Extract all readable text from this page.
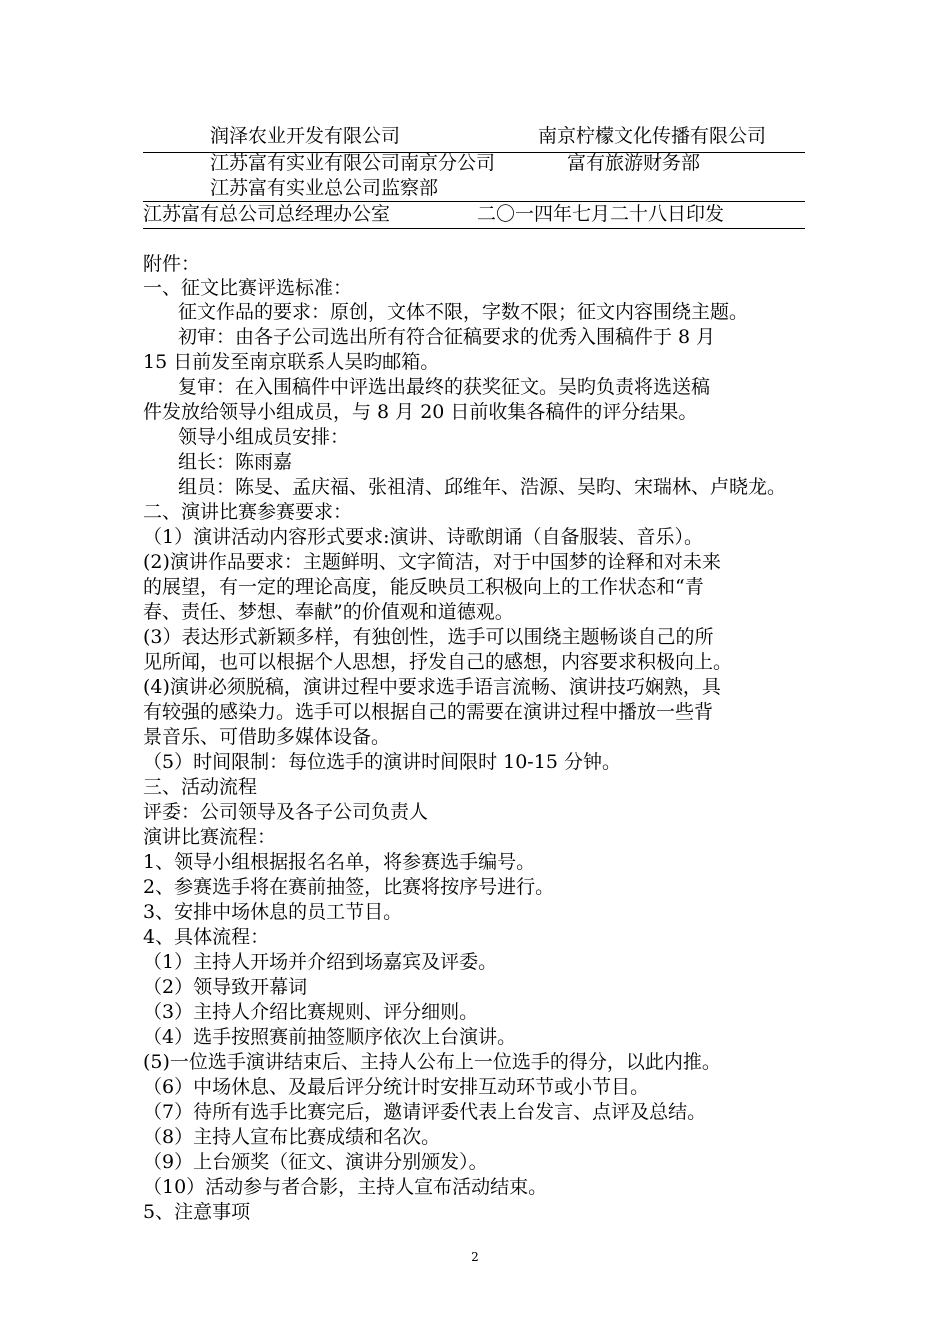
润泽农业开发有限公司	南京柠檬文化传播有限公司
江苏富有实业有限公司南京分公司	富有旅游财务部
江苏富有实业总公司监察部
江苏富有总公司总经理办公室	二〇一四年七月二十八日印发
附件：
一、征文比赛评选标准：
征文作品的要求：原创，文体不限，字数不限；征文内容围绕主题。
初审：由各子公司选出所有符合征稿要求的优秀入围稿件于 8 月
15 日前发至南京联系人吴昀邮箱。
复审：在入围稿件中评选出最终的获奖征文。吴昀负责将选送稿
件发放给领导小组成员，与 8 月 20 日前收集各稿件的评分结果。
领导小组成员安排：
组长：陈雨嘉
组员：陈旻、孟庆福、张祖清、邱维年、浩源、吴昀、宋瑞林、卢晓龙。
二、演讲比赛参赛要求：
（1）演讲活动内容形式要求:演讲、诗歌朗诵（自备服装、音乐）。
(2)演讲作品要求：主题鲜明、文字简洁，对于中国梦的诠释和对未来
的展望，有一定的理论高度，能反映员工积极向上的工作状态和“青
春、责任、梦想、奉献”的价值观和道德观。
(3）表达形式新颖多样，有独创性，选手可以围绕主题畅谈自己的所
见所闻，也可以根据个人思想，抒发自己的感想，内容要求积极向上。
(4)演讲必须脱稿，演讲过程中要求选手语言流畅、演讲技巧娴熟，具
有较强的感染力。选手可以根据自己的需要在演讲过程中播放一些背
景音乐、可借助多媒体设备。
（5）时间限制：每位选手的演讲时间限时 10-15 分钟。
三、活动流程
评委：公司领导及各子公司负责人
演讲比赛流程：
1、领导小组根据报名名单，将参赛选手编号。
2、参赛选手将在赛前抽签，比赛将按序号进行。
3、安排中场休息的员工节目。
4、具体流程：
（1）主持人开场并介绍到场嘉宾及评委。
（2）领导致开幕词
（3）主持人介绍比赛规则、评分细则。
（4）选手按照赛前抽签顺序依次上台演讲。
(5)一位选手演讲结束后、主持人公布上一位选手的得分，以此内推。
（6）中场休息、及最后评分统计时安排互动环节或小节目。
（7）待所有选手比赛完后，邀请评委代表上台发言、点评及总结。
（8）主持人宣布比赛成绩和名次。
（9）上台颁奖（征文、演讲分别颁发）。
（10）活动参与者合影，主持人宣布活动结束。
5、注意事项
2
